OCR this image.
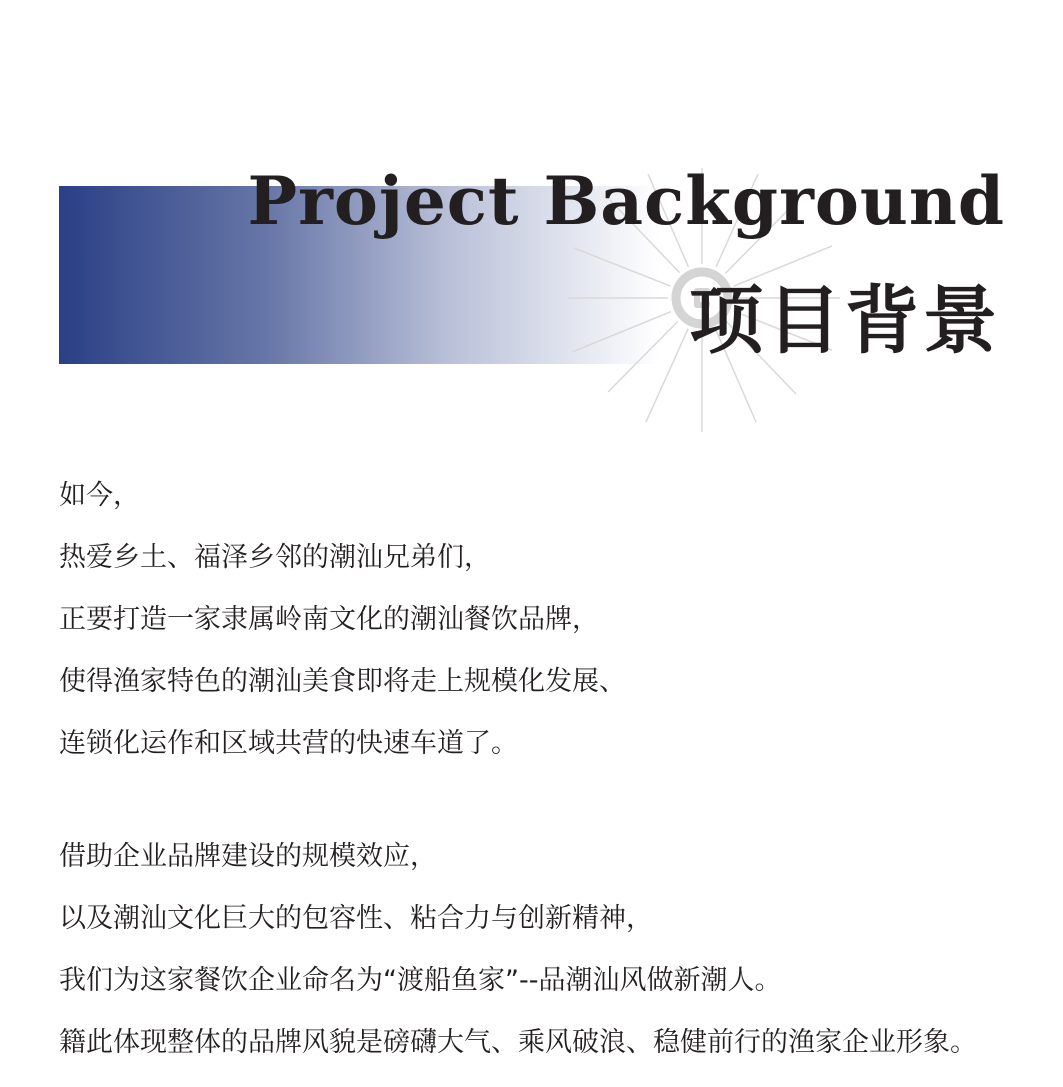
Project Background
项目背景
如今，
热爱乡土、福泽乡邻的潮汕兄弟们，
正要打造一家隶属岭南文化的潮汕餐饮品牌，
使得渔家特色的潮汕美食即将走上规模化发展、
连锁化运作和区域共营的快速车道了。
借助企业品牌建设的规模效应，
以及潮汕文化巨大的包容性、粘合力与创新精神，
我们为这家餐饮企业命名为“渡船鱼家”--品潮汕风做新潮人。
籍此体现整体的品牌风貌是磅礴大气、乘风破浪、稳健前行的渔家企业形象。
